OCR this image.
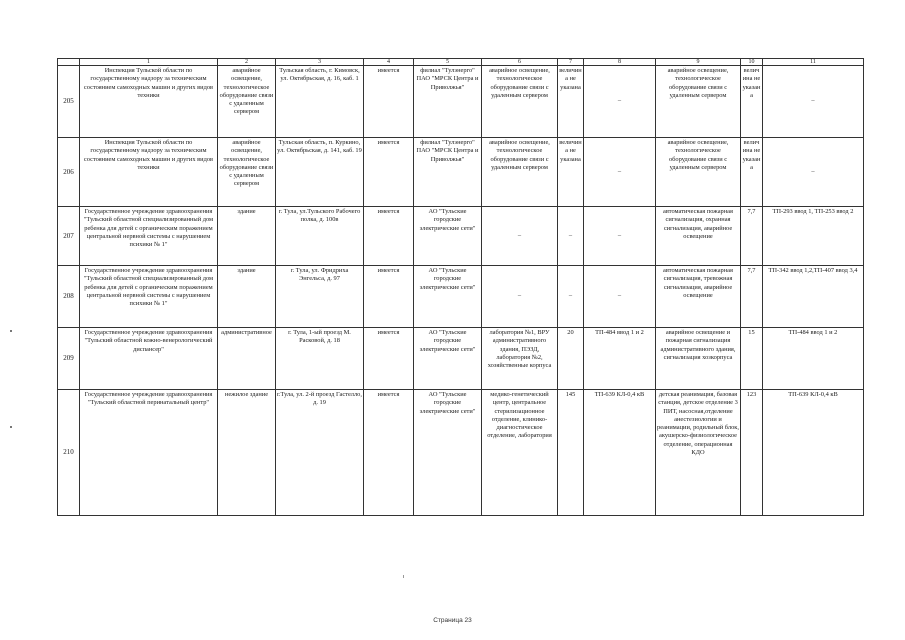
	1	2	3	4	5	6	7	8	9	10	11
205	Инспекция Тульской области по государственному надзору за техническим состоянием самоходных машин и других видов техники	аварийное освещение, технологическое оборудование связи с удаленным сервером	Тульская область, г. Кимовск, ул. Октябрьская, д. 16, каб. 1	имеется	филиал "Тулэнерго" ПАО "МРСК Центра и Приволжья"	аварийное освещение, технологическое оборудование связи с удаленным сервером	величина не указана	–	аварийное освещение, технологическое оборудование связи с удаленным сервером	величина не указана	–
206	Инспекция Тульской области по государственному надзору за техническим состоянием самоходных машин и других видов техники	аварийное освещение, технологическое оборудование связи с удаленным сервером	Тульская область, п. Куркино, ул. Октябрьская, д. 141, каб. 19	имеется	филиал "Тулэнерго" ПАО "МРСК Центра и Приволжья"	аварийное освещение, технологическое оборудование связи с удаленным сервером	величина не указана	–	аварийное освещение, технологическое оборудование связи с удаленным сервером	величина не указана	–
207	Государственное учреждение здравоохранения "Тульский областной специализированный дом ребенка для детей с органическим поражением центральной нервной системы с нарушением психики № 1"	здание	г. Тула, ул.Тульского Рабочего полка, д. 100в	имеется	АО "Тульские городские электрические сети"	–	–	–	автоматическая пожарная сигнализация, охранная сигнализация, аварийное освещение	7,7	ТП-293 ввод 1, ТП-253 ввод 2
208	Государственное учреждение здравоохранения "Тульский областной специализированный дом ребенка для детей с органическим поражением центральной нервной системы с нарушением психики № 1"	здание	г. Тула, ул. Фридриха Энгельса, д. 97	имеется	АО "Тульские городские электрические сети"	–	–	–	автоматическая пожарная сигнализация, тревожная сигнализация, аварийное освещение	7,7	ТП-342 ввод 1,2,ТП-407 ввод 3,4
209	Государственное учреждение здравоохранения "Тульский областной кожно-венерологический диспансер"	административное	г. Тула, 1-ый проезд М. Расковой, д. 18	имеется	АО "Тульские городские электрические сети"	лаборатория №1, ВРУ административного здания, ПЭЗД, лаборатория №2, хозяйственные корпуса	20	ТП-484 ввод 1 и 2	аварийное освещение и пожарная сигнализация административного здания, сигнализация хозкорпуса	15	ТП-484 ввод 1 и 2
210	Государственное учреждение здравоохранения "Тульский областной перинатальный центр"	нежилое здание	г.Тула, ул. 2-й проезд Гастелло, д. 19	имеется	АО "Тульские городские электрические сети"	медико-генетический центр, центральное стерилизационное отделение, клинико-диагностическое отделение, лаборатория	145	ТП-639 КЛ-0,4 кВ	детская реанимация, базовая станция, детское отделение 3 ПИТ, насосная,отделение анестезиологии и реанимации, родильный блок, акушерско-физиологическое отделение, операционная КДО	123	ТП-639 КЛ-0,4 кВ
Страница 23
